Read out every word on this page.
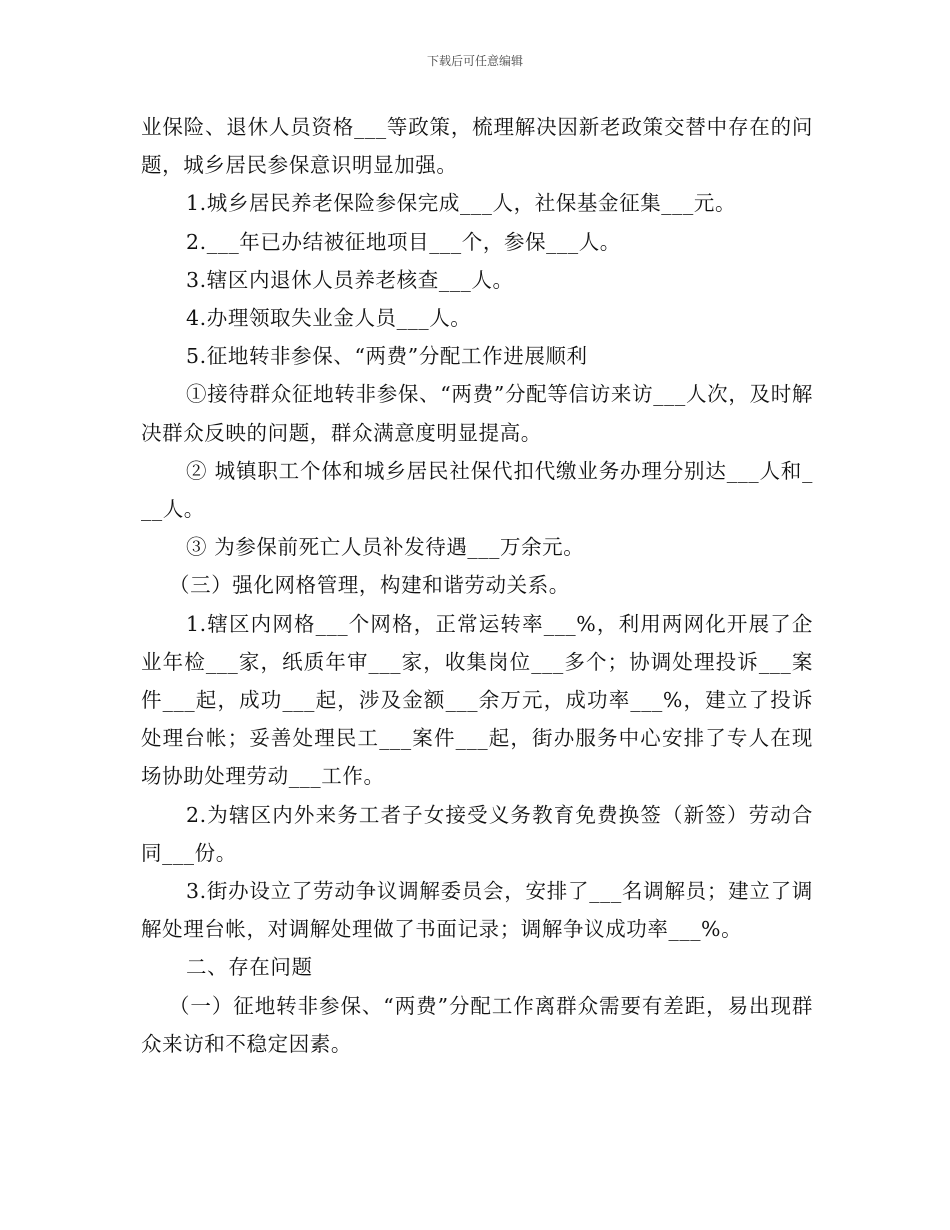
下载后可任意编辑

业保险、退休人员资格___等政策，梳理解决因新老政策交替中存在的问题，城乡居民参保意识明显加强。

1.城乡居民养老保险参保完成___人，社保基金征集___元。

2.___年已办结被征地项目___个，参保___人。

3.辖区内退休人员养老核查___人。

4.办理领取失业金人员___人。

5.征地转非参保、“两费”分配工作进展顺利

①接待群众征地转非参保、“两费”分配等信访来访___人次，及时解决群众反映的问题，群众满意度明显提高。

② 城镇职工个体和城乡居民社保代扣代缴业务办理分别达___人和___人。

③ 为参保前死亡人员补发待遇___万余元。

（三）强化网格管理，构建和谐劳动关系。

1.辖区内网格___个网格，正常运转率___%，利用两网化开展了企业年检___家，纸质年审___家，收集岗位___多个；协调处理投诉___案件___起，成功___起，涉及金额___余万元，成功率___%，建立了投诉处理台帐；妥善处理民工___案件___起，街办服务中心安排了专人在现场协助处理劳动___工作。

2.为辖区内外来务工者子女接受义务教育免费换签（新签）劳动合同___份。

3.街办设立了劳动争议调解委员会，安排了___名调解员；建立了调解处理台帐，对调解处理做了书面记录；调解争议成功率___%。

二、存在问题

（一）征地转非参保、“两费”分配工作离群众需要有差距，易出现群众来访和不稳定因素。
